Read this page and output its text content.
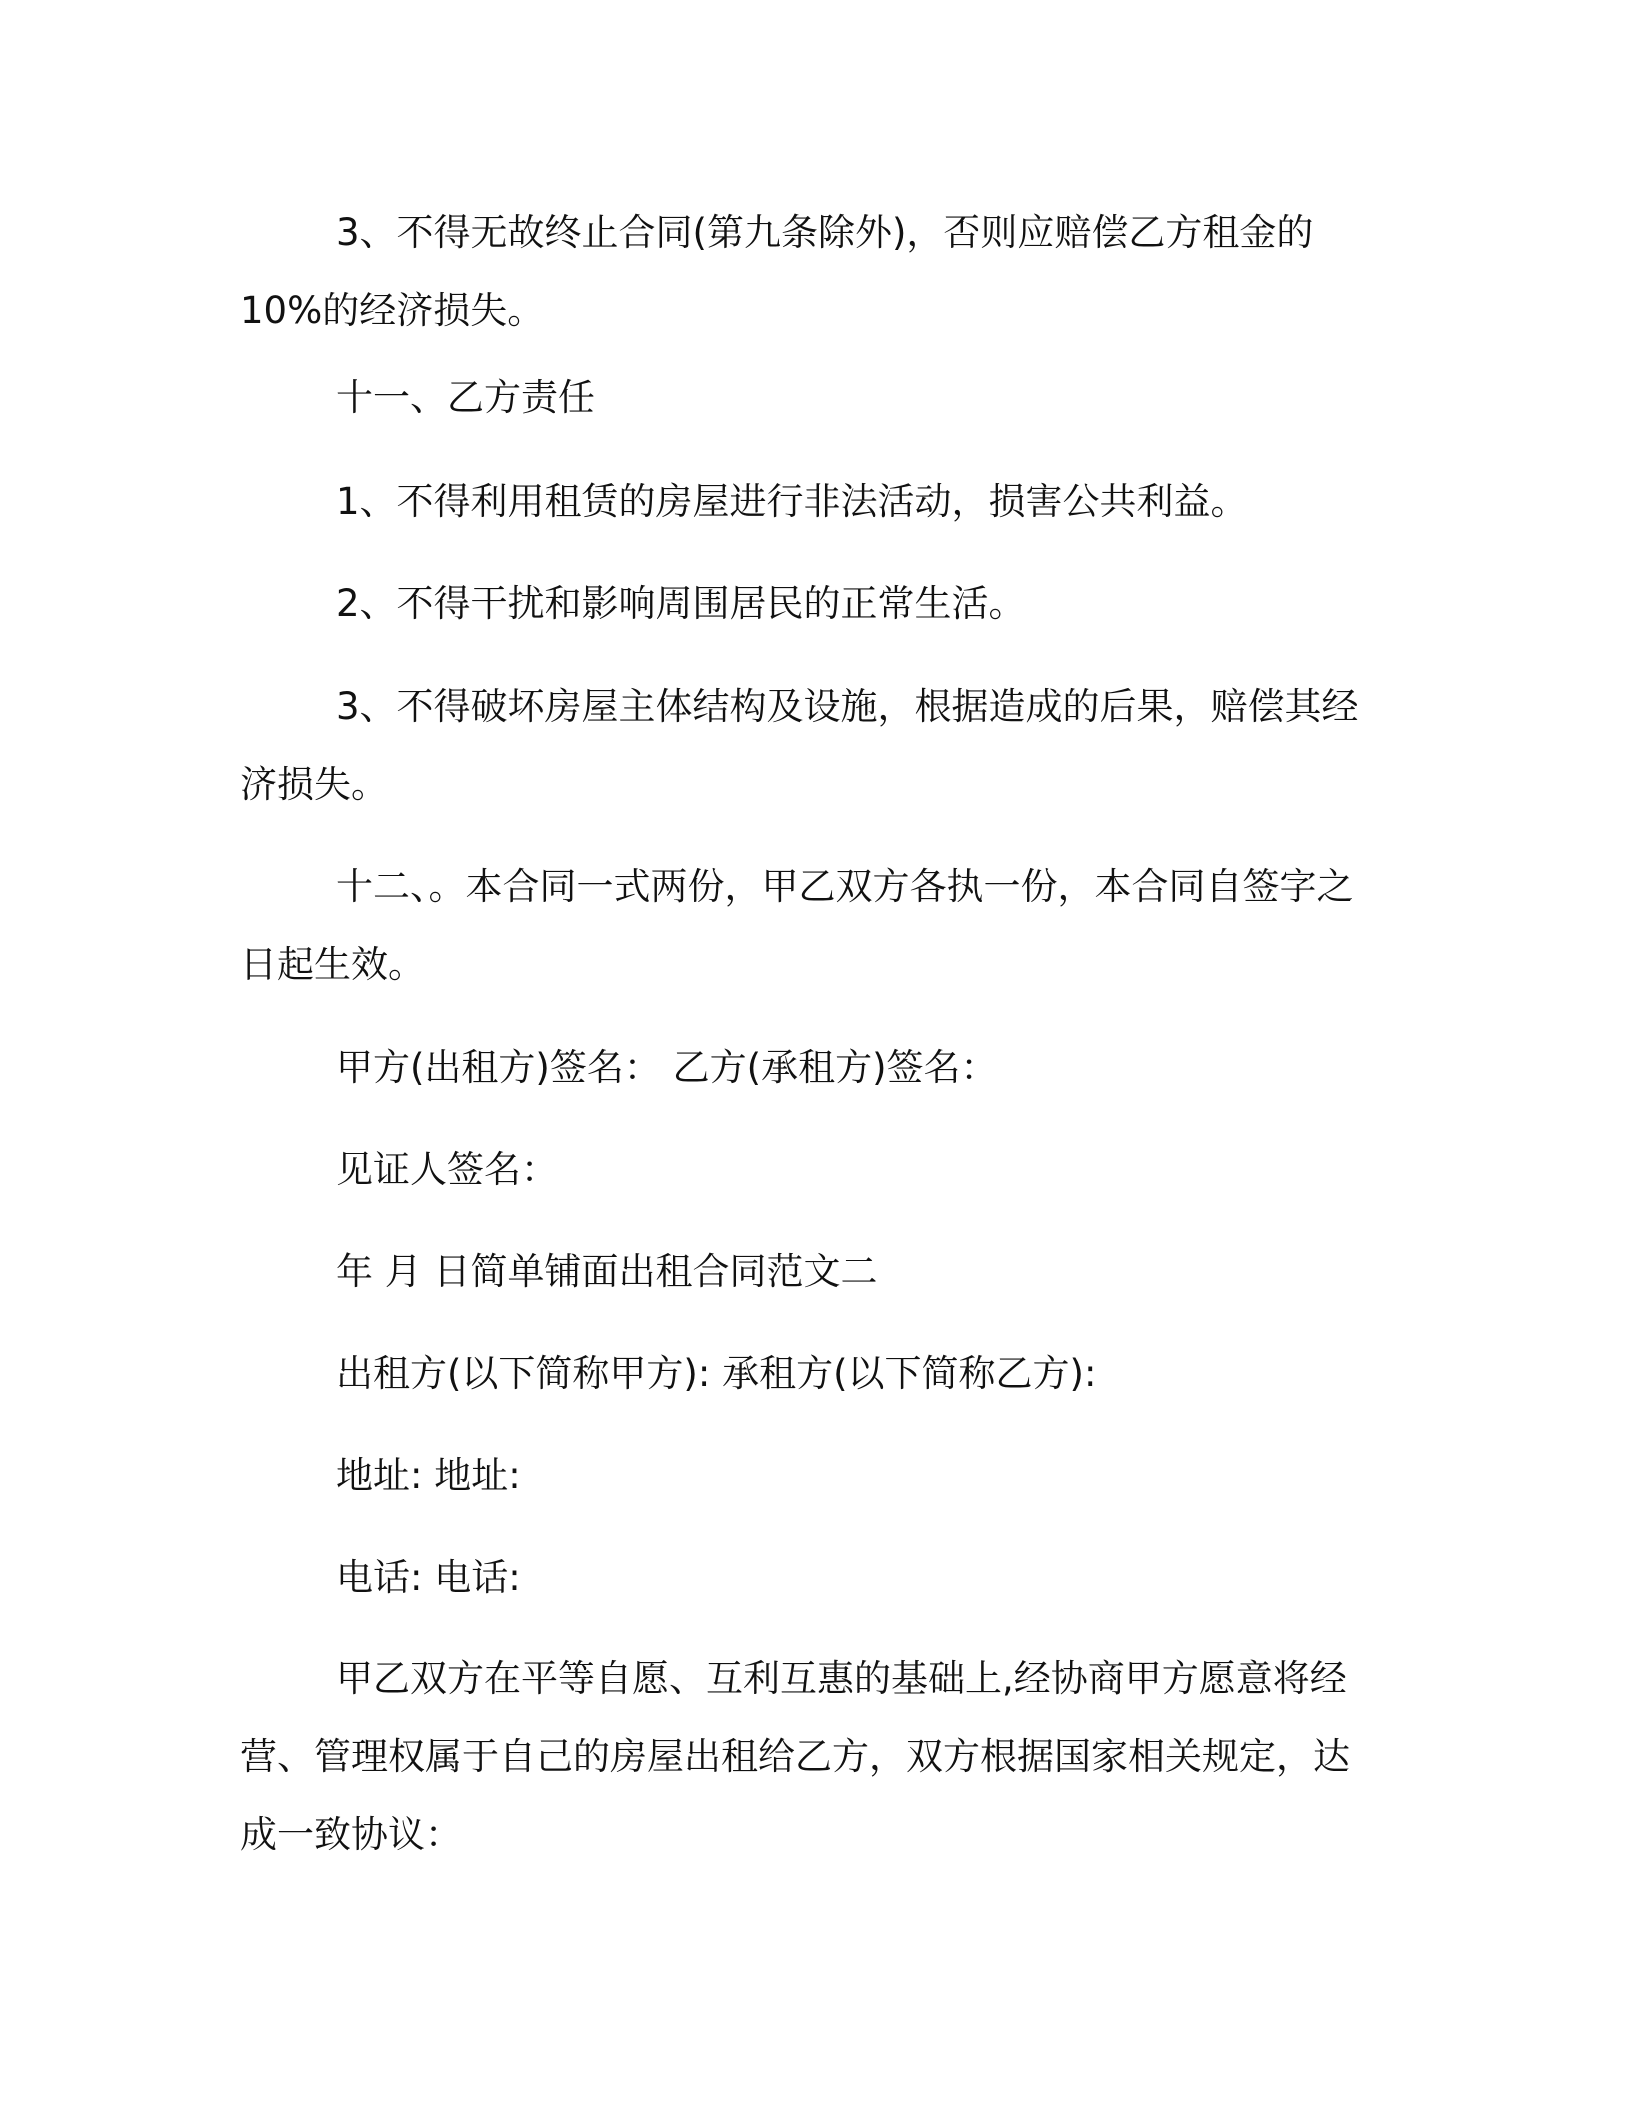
3、不得无故终止合同(第九条除外)，否则应赔偿乙方租金的
10%的经济损失。
十一、乙方责任
1、不得利用租赁的房屋进行非法活动，损害公共利益。
2、不得干扰和影响周围居民的正常生活。
3、不得破坏房屋主体结构及设施，根据造成的后果，赔偿其经
济损失。
十二、。本合同一式两份，甲乙双方各执一份，本合同自签字之
日起生效。
甲方(出租方)签名： 乙方(承租方)签名：
见证人签名：
年 月 日简单铺面出租合同范文二
出租方(以下简称甲方): 承租方(以下简称乙方):
地址: 地址:
电话: 电话:
甲乙双方在平等自愿、互利互惠的基础上,经协商甲方愿意将经
营、管理权属于自己的房屋出租给乙方，双方根据国家相关规定，达
成一致协议：
